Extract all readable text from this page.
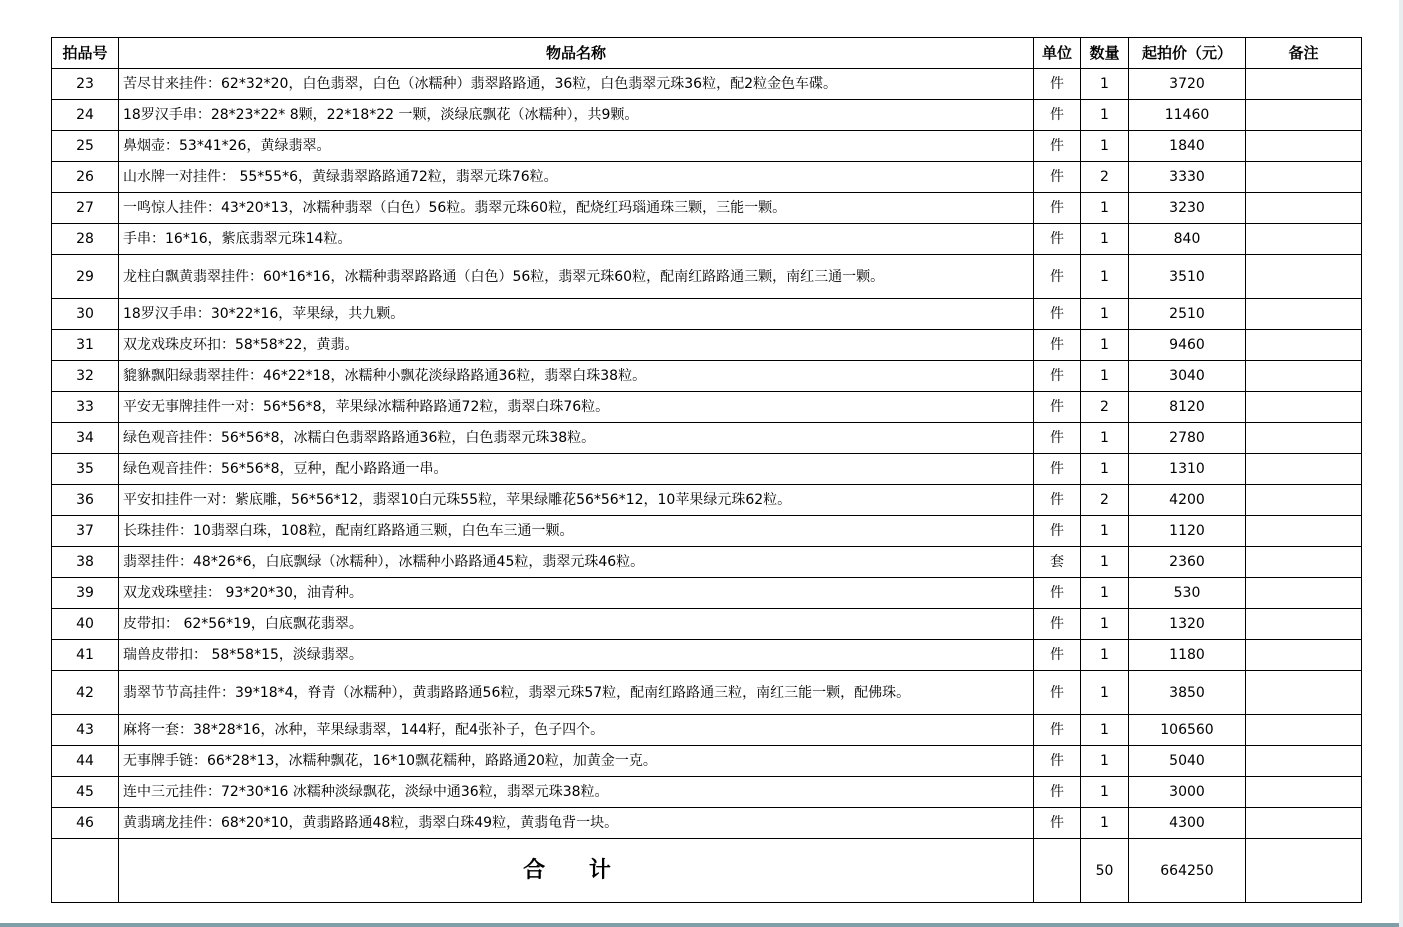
拍品号	物品名称	单位	数量	起拍价（元）	备注
23	苦尽甘来挂件：62*32*20，白色翡翠，白色（冰糯种）翡翠路路通，36粒，白色翡翠元珠36粒，配2粒金色车碟。	件	1	3720	
24	18罗汉手串：28*23*22* 8颗，22*18*22 一颗，淡绿底飘花（冰糯种），共9颗。	件	1	11460	
25	鼻烟壶：53*41*26，黄绿翡翠。	件	1	1840	
26	山水牌一对挂件： 55*55*6，黄绿翡翠路路通72粒，翡翠元珠76粒。	件	2	3330	
27	一鸣惊人挂件：43*20*13，冰糯种翡翠（白色）56粒。翡翠元珠60粒，配烧红玛瑙通珠三颗，三能一颗。	件	1	3230	
28	手串：16*16，紫底翡翠元珠14粒。	件	1	840	
29	龙柱白飘黄翡翠挂件：60*16*16，冰糯种翡翠路路通（白色）56粒，翡翠元珠60粒，配南红路路通三颗，南红三通一颗。	件	1	3510	
30	18罗汉手串：30*22*16，苹果绿，共九颗。	件	1	2510	
31	双龙戏珠皮环扣：58*58*22，黄翡。	件	1	9460	
32	貔貅飘阳绿翡翠挂件：46*22*18，冰糯种小飘花淡绿路路通36粒，翡翠白珠38粒。	件	1	3040	
33	平安无事牌挂件一对：56*56*8，苹果绿冰糯种路路通72粒，翡翠白珠76粒。	件	2	8120	
34	绿色观音挂件：56*56*8，冰糯白色翡翠路路通36粒，白色翡翠元珠38粒。	件	1	2780	
35	绿色观音挂件：56*56*8，豆种，配小路路通一串。	件	1	1310	
36	平安扣挂件一对：紫底雕，56*56*12，翡翠10白元珠55粒，苹果绿雕花56*56*12，10苹果绿元珠62粒。	件	2	4200	
37	长珠挂件：10翡翠白珠，108粒，配南红路路通三颗，白色车三通一颗。	件	1	1120	
38	翡翠挂件：48*26*6，白底飘绿（冰糯种），冰糯种小路路通45粒，翡翠元珠46粒。	套	1	2360	
39	双龙戏珠壁挂： 93*20*30，油青种。	件	1	530	
40	皮带扣： 62*56*19，白底飘花翡翠。	件	1	1320	
41	瑞兽皮带扣： 58*58*15，淡绿翡翠。	件	1	1180	
42	翡翠节节高挂件：39*18*4，脊青（冰糯种），黄翡路路通56粒，翡翠元珠57粒，配南红路路通三粒，南红三能一颗，配佛珠。	件	1	3850	
43	麻将一套：38*28*16，冰种，苹果绿翡翠，144籽，配4张补子，色子四个。	件	1	106560	
44	无事牌手链：66*28*13，冰糯种飘花，16*10飘花糯种，路路通20粒，加黄金一克。	件	1	5040	
45	连中三元挂件：72*30*16 冰糯种淡绿飘花，淡绿中通36粒，翡翠元珠38粒。	件	1	3000	
46	黄翡璃龙挂件：68*20*10，黄翡路路通48粒，翡翠白珠49粒，黄翡龟背一块。	件	1	4300	
	合 计		50	664250	
